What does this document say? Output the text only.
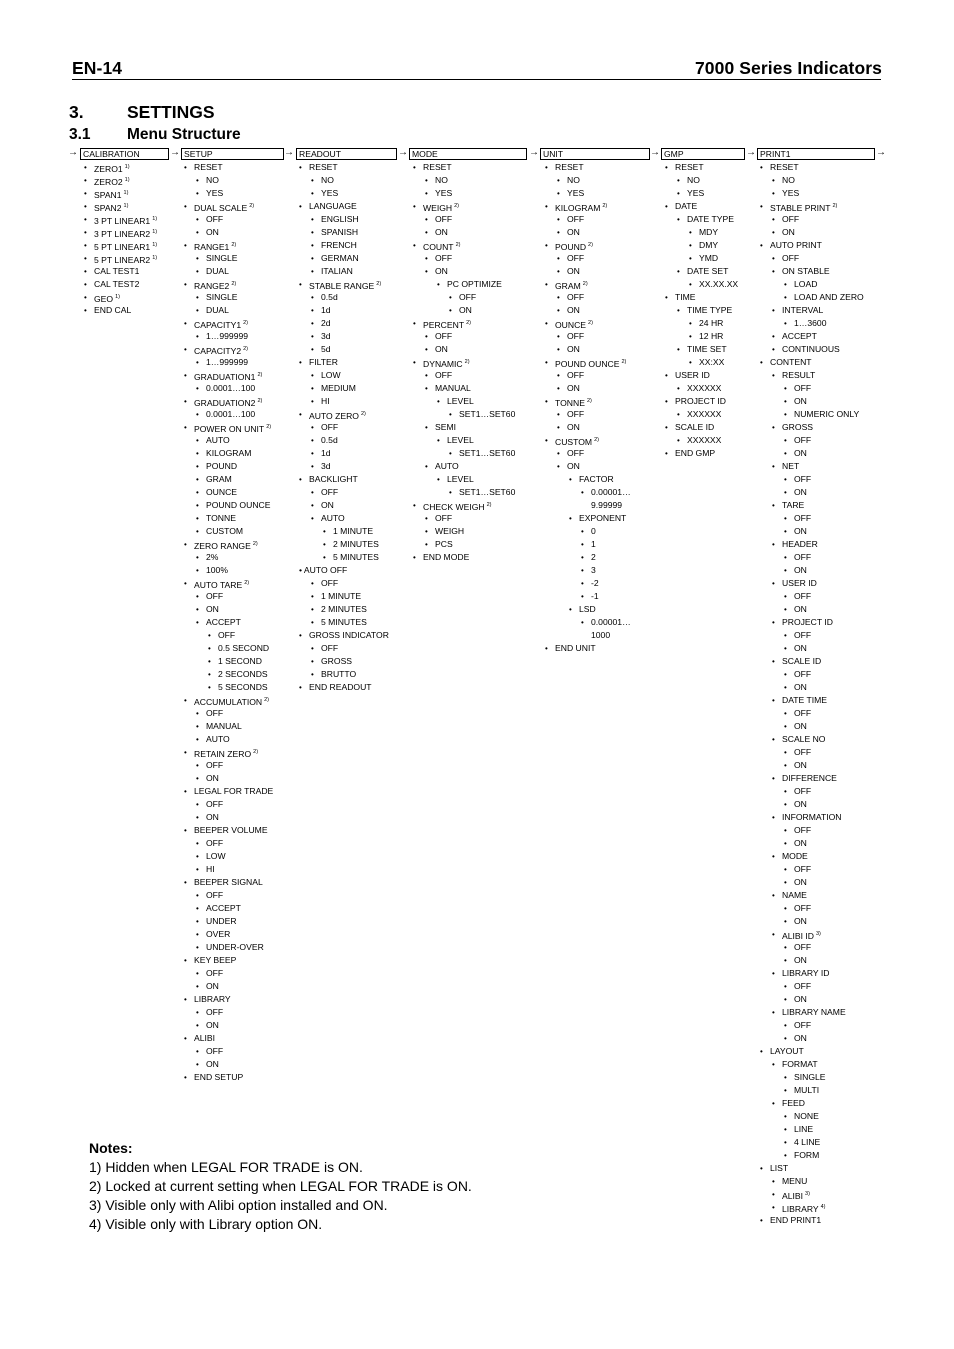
EN-14	7000 Series Indicators
3. SETTINGS
3.1 Menu Structure
→	→	→	→	→	→	→	→
CALIBRATION
• ZERO1 $^{1)}$
• ZERO2 $^{1)}$
• SPAN1 $^{1)}$
• SPAN2 $^{1)}$
• 3 PT LINEAR1 $^{1)}$
• 3 PT LINEAR2 $^{1)}$
• 5 PT LINEAR1 $^{1)}$
• 5 PT LINEAR2 $^{1)}$
• CAL TEST1
• CAL TEST2
• GEO $^{1)}$
• END CAL
SETUP
• RESET
• NO
• YES
• DUAL SCALE $^{2)}$
• OFF
• ON
• RANGE1 $^{2)}$
• SINGLE
• DUAL
• RANGE2 $^{2)}$
• SINGLE
• DUAL
• CAPACITY1 $^{2)}$
• 1…999999
• CAPACITY2 $^{2)}$
• 1…999999
• GRADUATION1 $^{2)}$
• 0.0001…100
• GRADUATION2 $^{2)}$
• 0.0001…100
• POWER ON UNIT $^{2)}$
• AUTO
• KILOGRAM
• POUND
• GRAM
• OUNCE
• POUND OUNCE
• TONNE
• CUSTOM
• ZERO RANGE $^{2)}$
• 2%
• 100%
• AUTO TARE $^{2)}$
• OFF
• ON
• ACCEPT
• OFF
• 0.5 SECOND
• 1 SECOND
• 2 SECONDS
• 5 SECONDS
• ACCUMULATION $^{2)}$
• OFF
• MANUAL
• AUTO
• RETAIN ZERO $^{2)}$
• OFF
• ON
• LEGAL FOR TRADE
• OFF
• ON
• BEEPER VOLUME
• OFF
• LOW
• HI
• BEEPER SIGNAL
• OFF
• ACCEPT
• UNDER
• OVER
• UNDER-OVER
• KEY BEEP
• OFF
• ON
• LIBRARY
• OFF
• ON
• ALIBI
• OFF
• ON
• END SETUP
READOUT
• RESET
• NO
• YES
• LANGUAGE
• ENGLISH
• SPANISH
• FRENCH
• GERMAN
• ITALIAN
• STABLE RANGE $^{2)}$
• 0.5d
• 1d
• 2d
• 3d
• 5d
• FILTER
• LOW
• MEDIUM
• HI
• AUTO ZERO $^{2)}$
• OFF
• 0.5d
• 1d
• 3d
• BACKLIGHT
• OFF
• ON
• AUTO
• 1 MINUTE
• 2 MINUTES
• 5 MINUTES
• AUTO OFF
• OFF
• 1 MINUTE
• 2 MINUTES
• 5 MINUTES
• GROSS INDICATOR
• OFF
• GROSS
• BRUTTO
• END READOUT
MODE
• RESET
• NO
• YES
• WEIGH $^{2)}$
• OFF
• ON
• COUNT $^{2)}$
• OFF
• ON
• PC OPTIMIZE
• OFF
• ON
• PERCENT $^{2)}$
• OFF
• ON
• DYNAMIC $^{2)}$
• OFF
• MANUAL
• LEVEL
• SET1…SET60
• SEMI
• LEVEL
• SET1…SET60
• AUTO
• LEVEL
• SET1…SET60
• CHECK WEIGH $^{2)}$
• OFF
• WEIGH
• PCS
• END MODE
UNIT
• RESET
• NO
• YES
• KILOGRAM $^{2)}$
• OFF
• ON
• POUND $^{2)}$
• OFF
• ON
• GRAM $^{2)}$
• OFF
• ON
• OUNCE $^{2)}$
• OFF
• ON
• POUND OUNCE $^{2)}$
• OFF
• ON
• TONNE $^{2)}$
• OFF
• ON
• CUSTOM $^{2)}$
• OFF
• ON
• FACTOR
• 0.00001…
9.99999
• EXPONENT
• 0
• 1
• 2
• 3
• -2
• -1
• LSD
• 0.00001…
1000
• END UNIT
GMP
• RESET
• NO
• YES
• DATE
• DATE TYPE
• MDY
• DMY
• YMD
• DATE SET
• XX.XX.XX
• TIME
• TIME TYPE
• 24 HR
• 12 HR
• TIME SET
• XX:XX
• USER ID
• XXXXXX
• PROJECT ID
• XXXXXX
• SCALE ID
• XXXXXX
• END GMP
PRINT1
• RESET
• NO
• YES
• STABLE PRINT $^{2)}$
• OFF
• ON
• AUTO PRINT
• OFF
• ON STABLE
• LOAD
• LOAD AND ZERO
• INTERVAL
• 1…3600
• ACCEPT
• CONTINUOUS
• CONTENT
• RESULT
• OFF
• ON
• NUMERIC ONLY
• GROSS
• OFF
• ON
• NET
• OFF
• ON
• TARE
• OFF
• ON
• HEADER
• OFF
• ON
• USER ID
• OFF
• ON
• PROJECT ID
• OFF
• ON
• SCALE ID
• OFF
• ON
• DATE TIME
• OFF
• ON
• SCALE NO
• OFF
• ON
• DIFFERENCE
• OFF
• ON
• INFORMATION
• OFF
• ON
• MODE
• OFF
• ON
• NAME
• OFF
• ON
• ALIBI ID $^{3)}$
• OFF
• ON
• LIBRARY ID
• OFF
• ON
• LIBRARY NAME
• OFF
• ON
• LAYOUT
• FORMAT
• SINGLE
• MULTI
• FEED
• NONE
• LINE
• 4 LINE
• FORM
• LIST
• MENU
• ALIBI $^{3)}$
• LIBRARY $^{4)}$
• END PRINT1
Notes:
1) Hidden when LEGAL FOR TRADE is ON.
2) Locked at current setting when LEGAL FOR TRADE is ON.
3) Visible only with Alibi option installed and ON.
4) Visible only with Library option ON.
